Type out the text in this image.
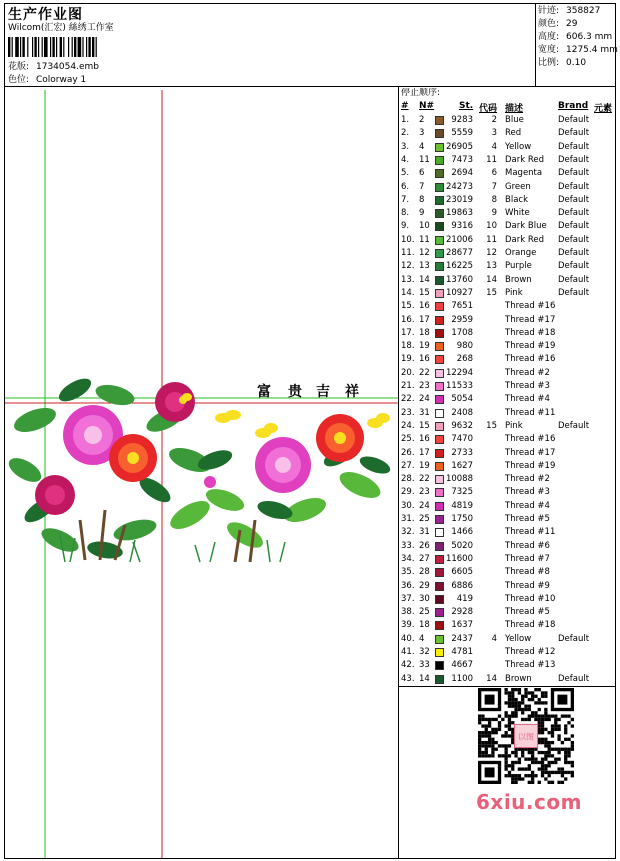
生产作业图
Wilcom(汇宏) 絲绣工作室
花版: 1734054.emb
色位: Colorway 1
针迹: 358827
颜色: 29
高度: 606.3 mm
宽度: 1275.4 mm
比例: 0.10
停止顺序:
# N#	St. 代码 描述	Brand 元素
1. 2	9283 2 Blue	Default
2. 3	5559 3 Red	Default
3. 4	26905 4 Yellow	Default
4. 11	7473 11 Dark Red Default
5. 6	2694 6 Magenta Default
6. 7	24273 7 Green	Default
7. 8	23019 8 Black	Default
8. 9	19863 9 White	Default
9. 10	9316 10 Dark Blue Default
10. 11 21006 11 Dark Red Default
11. 12 28677 12 Orange	Default
12. 13 16225 13 Purple	Default
13. 14 13760 14 Brown	Default
14. 15 10927 15 Pink	Default
15. 16	7651	Thread #16
16. 17	2959	Thread #17
17. 18	1708	Thread #18
18. 19	980	Thread #19
19. 16	268	Thread #16
20. 22 12294	Thread #2
21. 23 11533	Thread #3
22. 24	5054	Thread #4
23. 31	2408	Thread #11
24. 15	9632 15 Pink	Default
25. 16	7470	Thread #16
26. 17	2733	Thread #17
27. 19	1627	Thread #19
28. 22 10088	Thread #2
29. 23	7325	Thread #3
30. 24	4819	Thread #4
31. 25	1750	Thread #5
32. 31	1466	Thread #11
33. 26	5020	Thread #6
34. 27 11600	Thread #7
35. 28	6605	Thread #8
36. 29	6886	Thread #9
37. 30	419	Thread #10
38. 25	2928	Thread #5
39. 18	1637	Thread #18
40. 4	2437 4 Yellow	Default
41. 32	4781	Thread #12
42. 33	4667	Thread #13
43. 14	1100 14 Brown	Default
富 贵 吉 祥
以图
6xiu.com
